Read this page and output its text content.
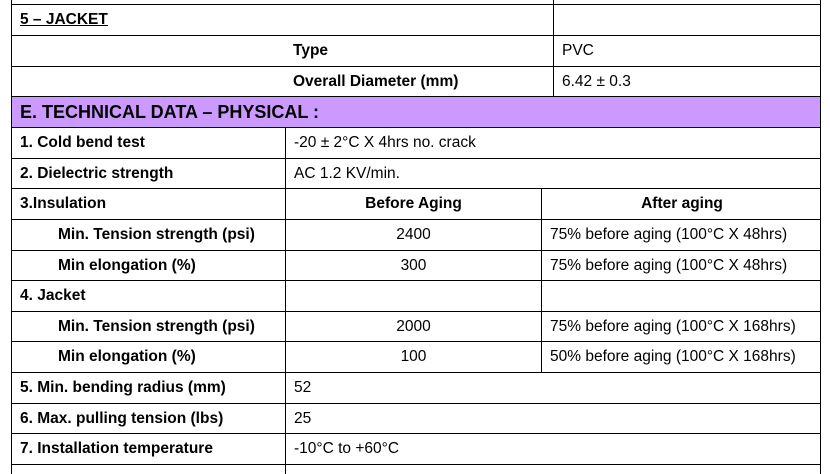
5 – JACKET
Type	PVC
Overall Diameter (mm)	6.42 ± 0.3
E. TECHNICAL DATA – PHYSICAL :
1. Cold bend test	-20 ± 2°C X 4hrs no. crack
2. Dielectric strength	AC 1.2 KV/min.
3.Insulation	Before Aging	After aging
Min. Tension strength (psi)	2400	75% before aging (100°C X 48hrs)
Min elongation (%)	300	75% before aging (100°C X 48hrs)
4. Jacket
Min. Tension strength (psi)	2000	75% before aging (100°C X 168hrs)
Min elongation (%)	100	50% before aging (100°C X 168hrs)
5. Min. bending radius (mm)	52
6. Max. pulling tension (lbs)	25
7. Installation temperature	-10°C to +60°C
